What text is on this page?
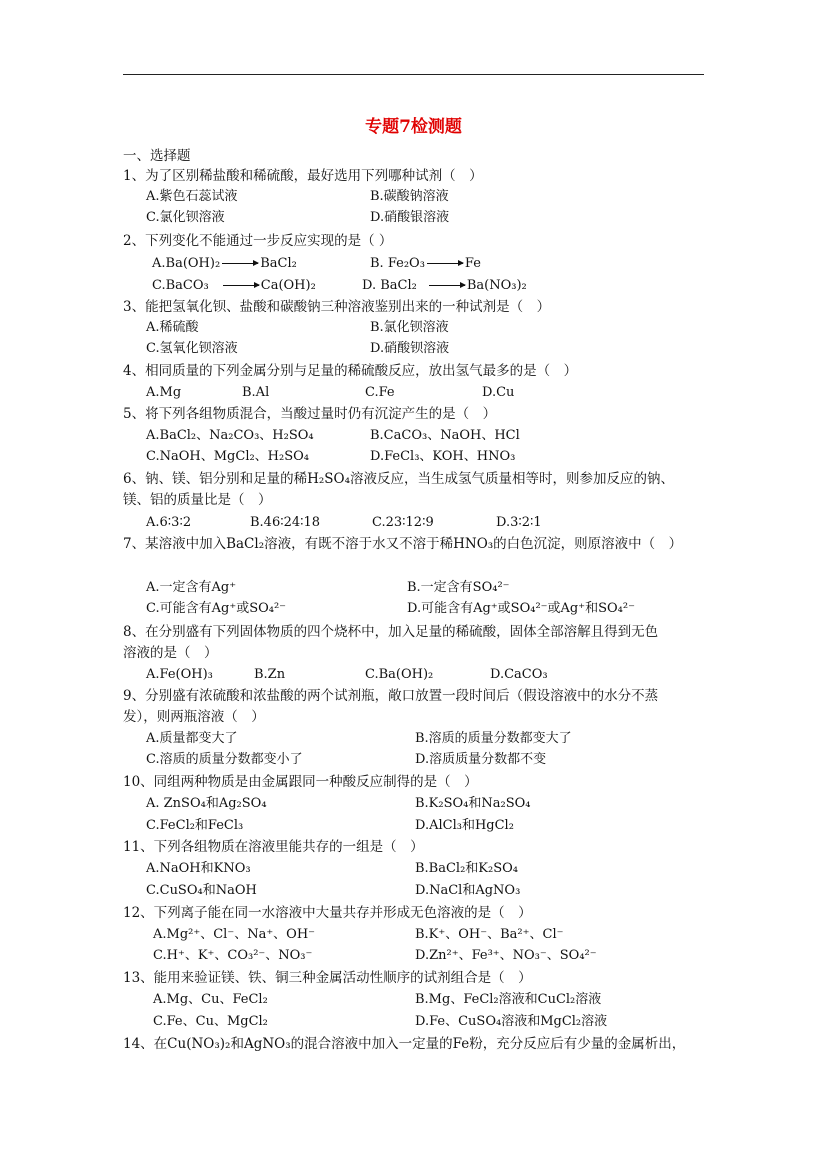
专题7检测题
一、选择题
1、为了区别稀盐酸和稀硫酸，最好选用下列哪种试剂（　）
A.紫色石蕊试液	B.碳酸钠溶液
C.氯化钡溶液	D.硝酸银溶液
2、下列变化不能通过一步反应实现的是（ ）
A.Ba(OH)₂ → BaCl₂	B. Fe₂O₃ → Fe
C.BaCO₃ → Ca(OH)₂	D. BaCl₂ → Ba(NO₃)₂
3、能把氢氧化钡、盐酸和碳酸钠三种溶液鉴别出来的一种试剂是（　）
A.稀硫酸	B.氯化钡溶液
C.氢氧化钡溶液	D.硝酸钡溶液
4、相同质量的下列金属分别与足量的稀硫酸反应，放出氢气最多的是（　）
A.Mg	B.Al	C.Fe	D.Cu
5、将下列各组物质混合，当酸过量时仍有沉淀产生的是（　）
A.BaCl₂、Na₂CO₃、H₂SO₄	B.CaCO₃、NaOH、HCl
C.NaOH、MgCl₂、H₂SO₄	D.FeCl₃、KOH、HNO₃
6、钠、镁、铝分别和足量的稀H₂SO₄溶液反应，当生成氢气质量相等时，则参加反应的钠、
镁、铝的质量比是（　）
A.6∶3∶2	B.46∶24∶18	C.23∶12∶9	D.3∶2∶1
7、某溶液中加入BaCl₂溶液，有既不溶于水又不溶于稀HNO₃的白色沉淀，则原溶液中（　）
A.一定含有Ag⁺	B.一定含有SO₄²⁻
C.可能含有Ag⁺或SO₄²⁻	D.可能含有Ag⁺或SO₄²⁻或Ag⁺和SO₄²⁻
8、在分别盛有下列固体物质的四个烧杯中，加入足量的稀硫酸，固体全部溶解且得到无色
溶液的是（　）
A.Fe(OH)₃	B.Zn	C.Ba(OH)₂	D.CaCO₃
9、分别盛有浓硫酸和浓盐酸的两个试剂瓶，敞口放置一段时间后（假设溶液中的水分不蒸
发），则两瓶溶液（　）
A.质量都变大了	B.溶质的质量分数都变大了
C.溶质的质量分数都变小了	D.溶质质量分数都不变
10、同组两种物质是由金属跟同一种酸反应制得的是（　）
A. ZnSO₄和Ag₂SO₄	B.K₂SO₄和Na₂SO₄
C.FeCl₂和FeCl₃	D.AlCl₃和HgCl₂
11、下列各组物质在溶液里能共存的一组是（　）
A.NaOH和KNO₃	B.BaCl₂和K₂SO₄
C.CuSO₄和NaOH	D.NaCl和AgNO₃
12、下列离子能在同一水溶液中大量共存并形成无色溶液的是（　）
A.Mg²⁺、Cl⁻、Na⁺、OH⁻	B.K⁺、OH⁻、Ba²⁺、Cl⁻
C.H⁺、K⁺、CO₃²⁻、NO₃⁻	D.Zn²⁺、Fe³⁺、NO₃⁻、SO₄²⁻
13、能用来验证镁、铁、铜三种金属活动性顺序的试剂组合是（　）
A.Mg、Cu、FeCl₂	B.Mg、FeCl₂溶液和CuCl₂溶液
C.Fe、Cu、MgCl₂	D.Fe、CuSO₄溶液和MgCl₂溶液
14、在Cu(NO₃)₂和AgNO₃的混合溶液中加入一定量的Fe粉，充分反应后有少量的金属析出，
